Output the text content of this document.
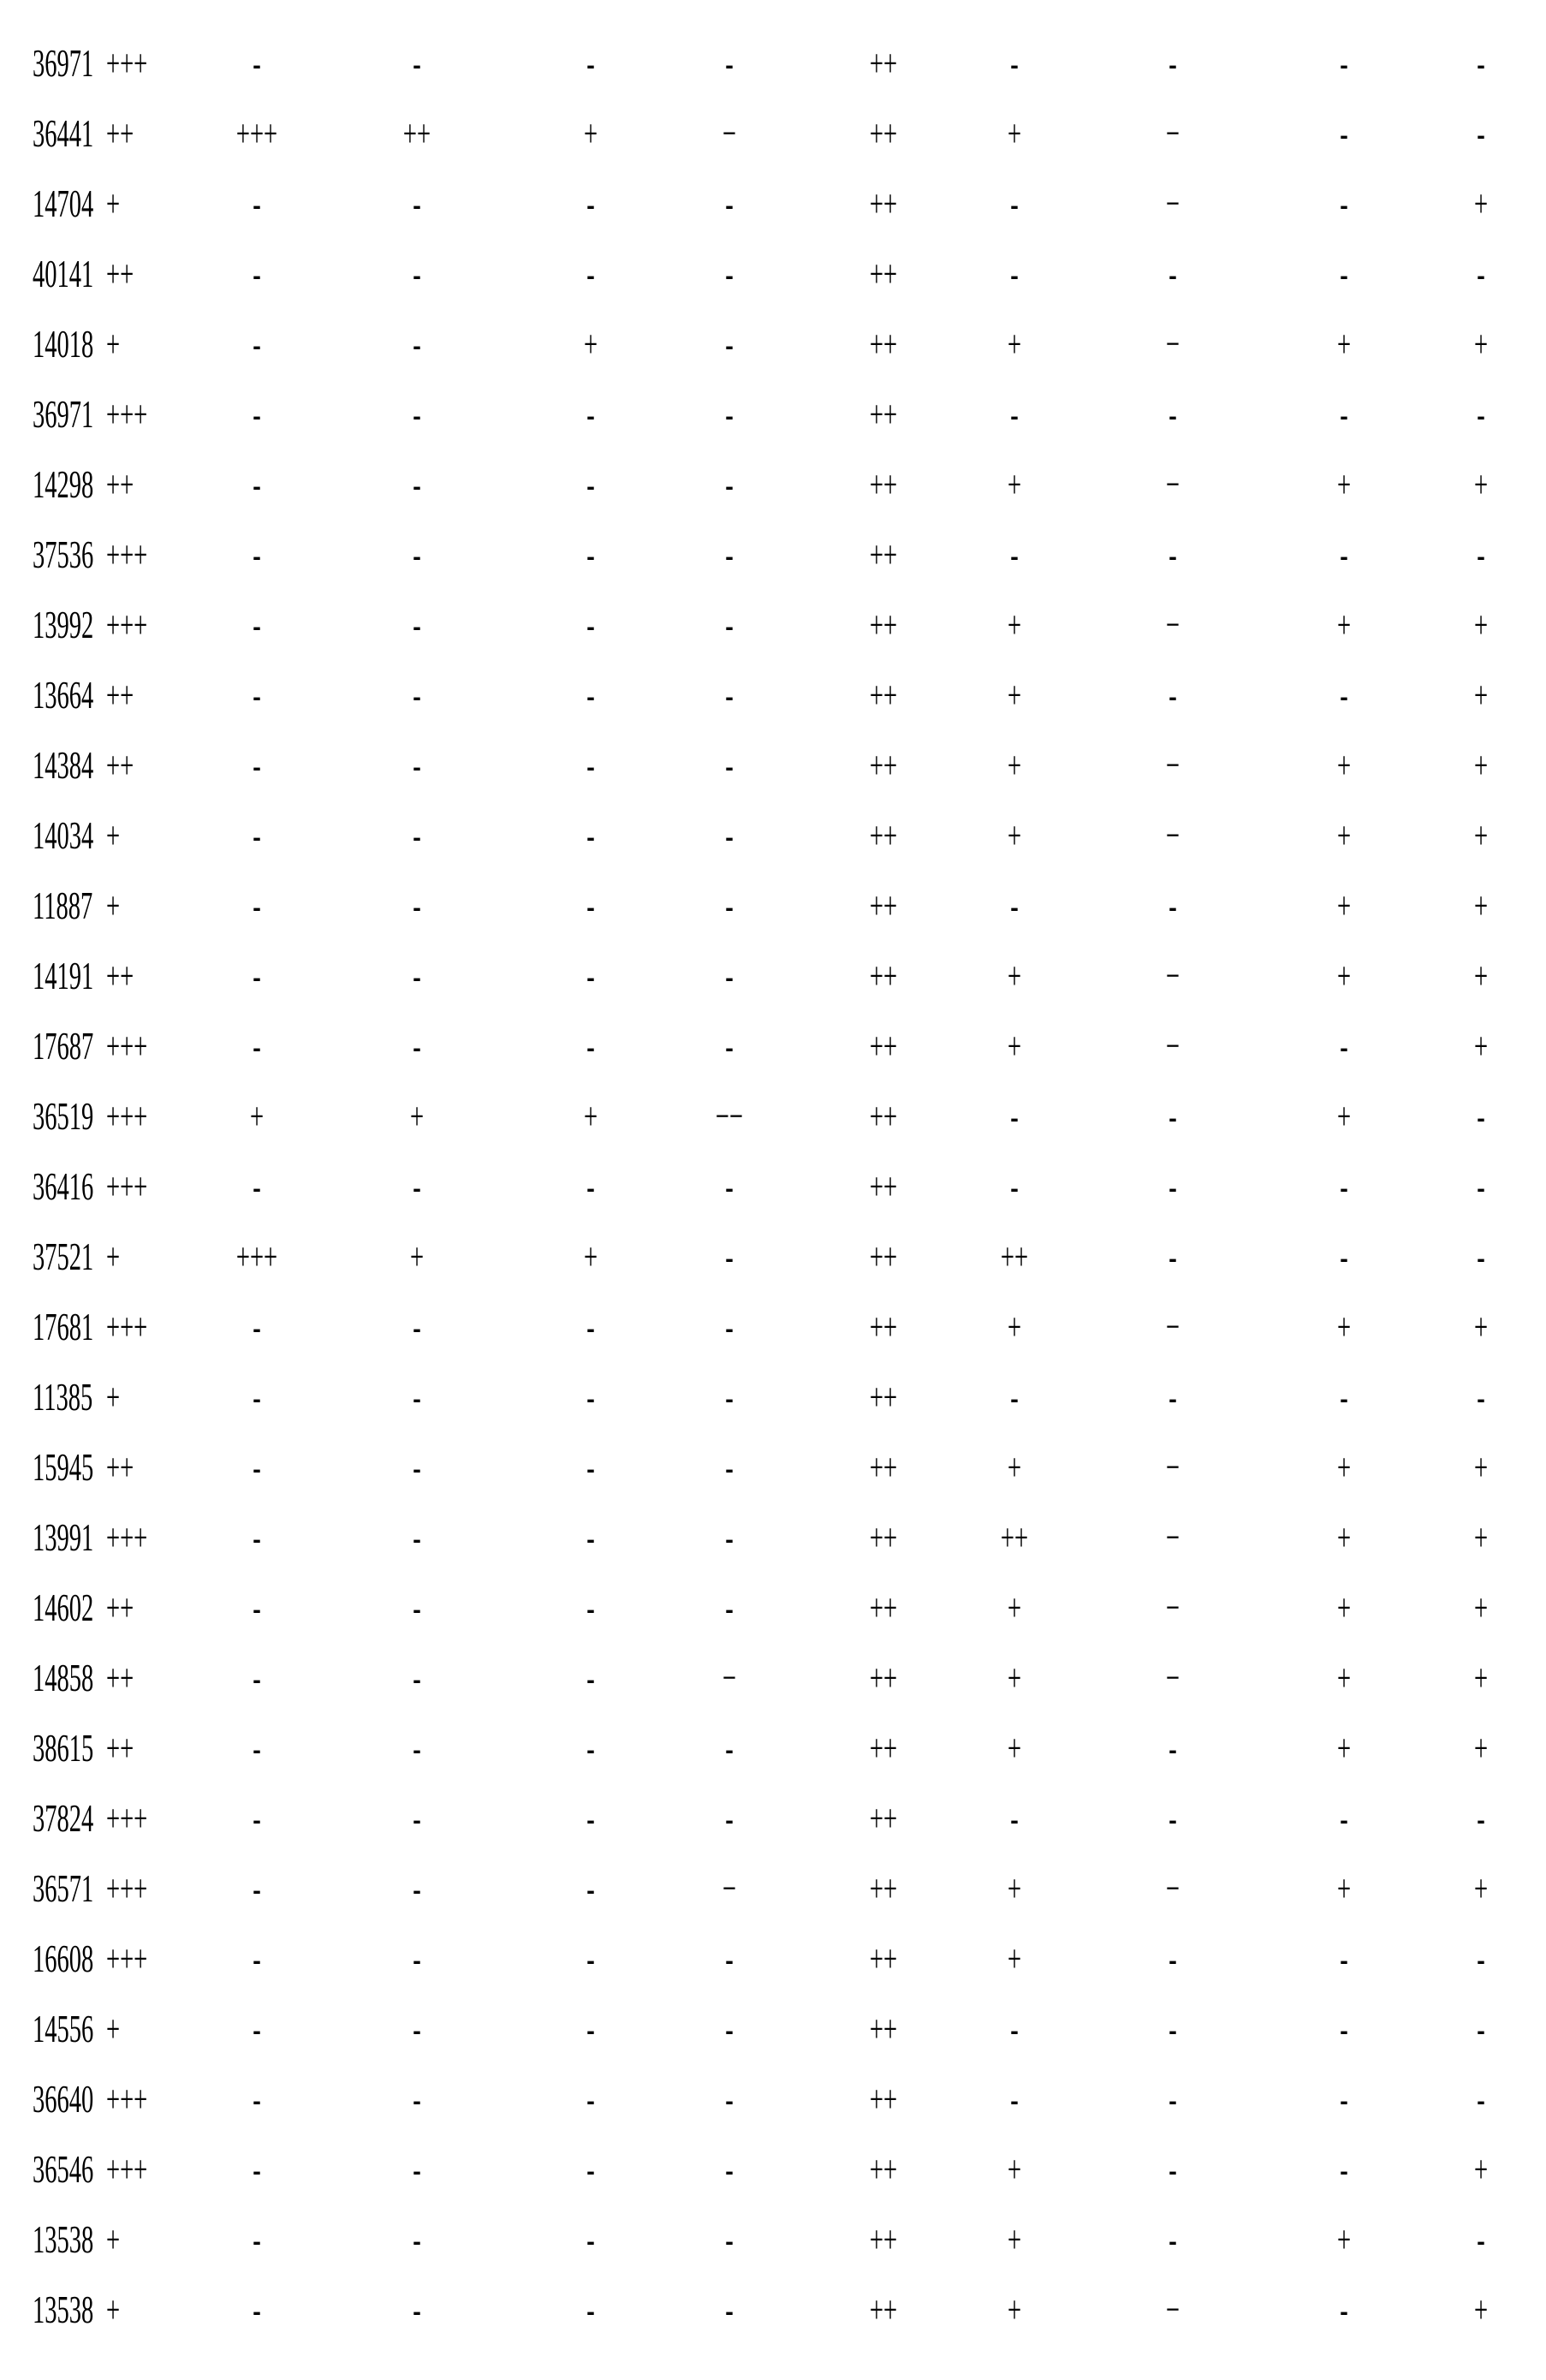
36971 +++	-	-	-	-	++	-	-	-	-
36441 ++	+++	++	+	−	++	+	−	-	-
14704 +	-	-	-	-	++	-	−	-	+
40141 ++	-	-	-	-	++	-	-	-	-
14018 +	-	-	+	-	++	+	−	+	+
36971 +++	-	-	-	-	++	-	-	-	-
14298 ++	-	-	-	-	++	+	−	+	+
37536 +++	-	-	-	-	++	-	-	-	-
13992 +++	-	-	-	-	++	+	−	+	+
13664 ++	-	-	-	-	++	+	-	-	+
14384 ++	-	-	-	-	++	+	−	+	+
14034 +	-	-	-	-	++	+	−	+	+
11887 +	-	-	-	-	++	-	-	+	+
14191 ++	-	-	-	-	++	+	−	+	+
17687 +++	-	-	-	-	++	+	−	-	+
36519 +++	+	+	+	−−	++	-	-	+	-
36416 +++	-	-	-	-	++	-	-	-	-
37521 +	+++	+	+	-	++	++	-	-	-
17681 +++	-	-	-	-	++	+	−	+	+
11385 +	-	-	-	-	++	-	-	-	-
15945 ++	-	-	-	-	++	+	−	+	+
13991 +++	-	-	-	-	++	++	−	+	+
14602 ++	-	-	-	-	++	+	−	+	+
14858 ++	-	-	-	−	++	+	−	+	+
38615 ++	-	-	-	-	++	+	-	+	+
37824 +++	-	-	-	-	++	-	-	-	-
36571 +++	-	-	-	−	++	+	−	+	+
16608 +++	-	-	-	-	++	+	-	-	-
14556 +	-	-	-	-	++	-	-	-	-
36640 +++	-	-	-	-	++	-	-	-	-
36546 +++	-	-	-	-	++	+	-	-	+
13538 +	-	-	-	-	++	+	-	+	-
13538 +	-	-	-	-	++	+	−	-	+
